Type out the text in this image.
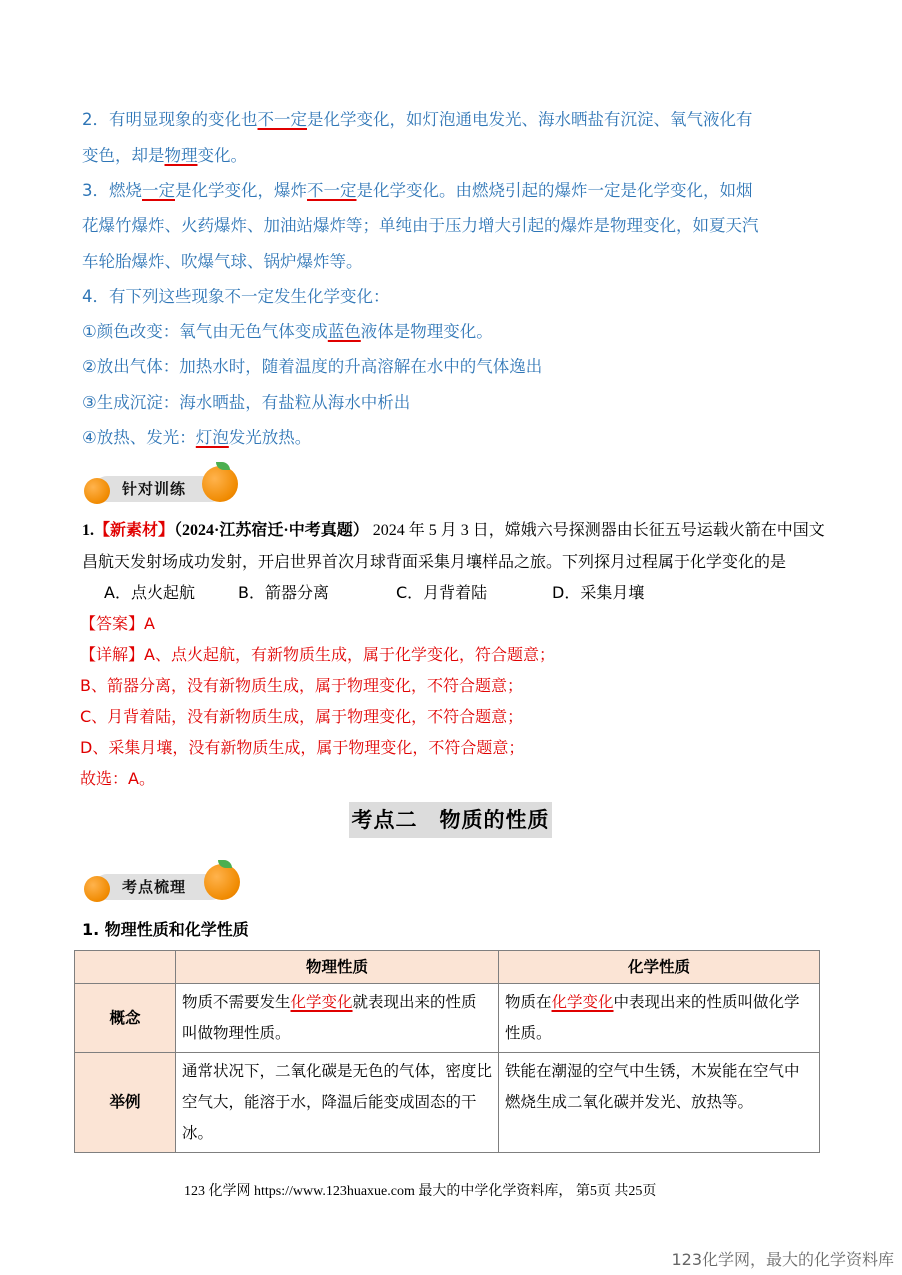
2．有明显现象的变化也不一定是化学变化，如灯泡通电发光、海水晒盐有沉淀、氧气液化有
变色，却是物理变化。
3．燃烧一定是化学变化，爆炸不一定是化学变化。由燃烧引起的爆炸一定是化学变化，如烟
花爆竹爆炸、火药爆炸、加油站爆炸等；单纯由于压力增大引起的爆炸是物理变化，如夏天汽
车轮胎爆炸、吹爆气球、锅炉爆炸等。
4．有下列这些现象不一定发生化学变化：
①颜色改变：氧气由无色气体变成蓝色液体是物理变化。
②放出气体：加热水时，随着温度的升高溶解在水中的气体逸出
③生成沉淀：海水晒盐，有盐粒从海水中析出
④放热、发光：灯泡发光放热。
针对训练
1.【新素材】（2024·江苏宿迁·中考真题） 2024 年 5 月 3 日，嫦娥六号探测器由长征五号运载火箭在中国文
昌航天发射场成功发射，开启世界首次月球背面采集月壤样品之旅。下列探月过程属于化学变化的是
A．点火起航	B．箭器分离	C．月背着陆	D．采集月壤
【答案】A
【详解】A、点火起航，有新物质生成，属于化学变化，符合题意；
B、箭器分离，没有新物质生成，属于物理变化，不符合题意；
C、月背着陆，没有新物质生成，属于物理变化，不符合题意；
D、采集月壤，没有新物质生成，属于物理变化，不符合题意；
故选：A。
考点二　物质的性质
考点梳理
1. 物理性质和化学性质
	物理性质	化学性质
概念	物质不需要发生化学变化就表现出来的性质叫做物理性质。	物质在化学变化中表现出来的性质叫做化学性质。
举例	通常状况下，二氧化碳是无色的气体，密度比空气大，能溶于水，降温后能变成固态的干冰。	铁能在潮湿的空气中生锈，木炭能在空气中燃烧生成二氧化碳并发光、放热等。
123 化学网 https://www.123huaxue.com 最大的中学化学资料库， 第5页 共25页
123化学网，最大的化学资料库
